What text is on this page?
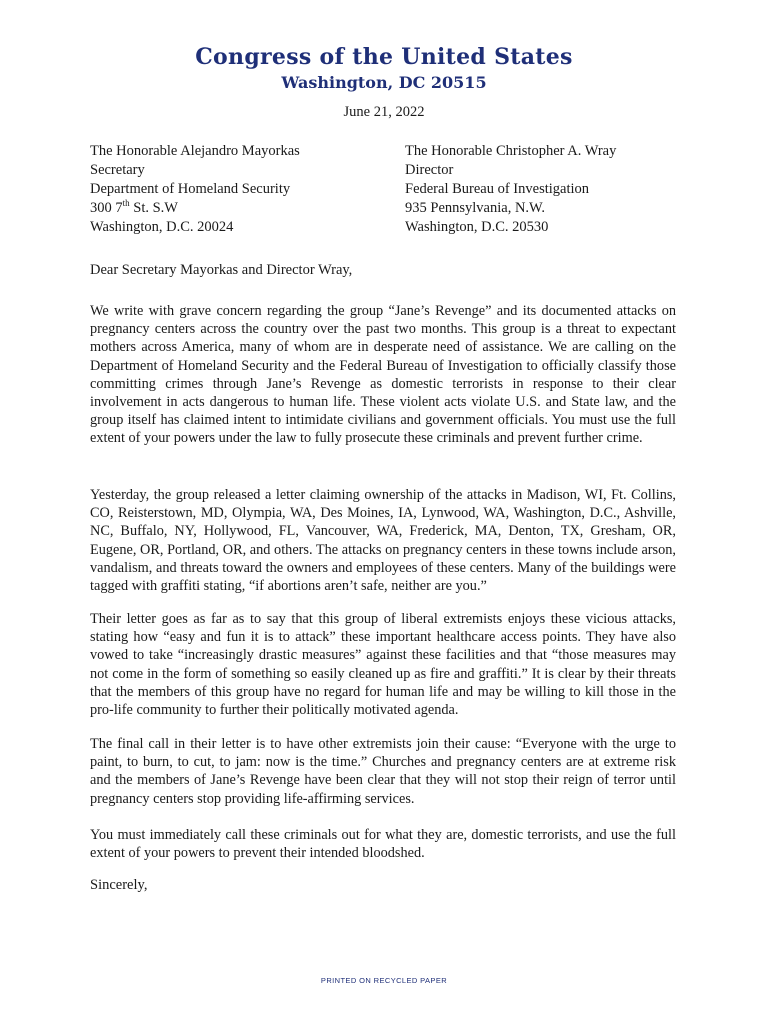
Congress of the United States
Washington, DC 20515
June 21, 2022
The Honorable Alejandro Mayorkas
Secretary
Department of Homeland Security
300 7th St. S.W
Washington, D.C. 20024
The Honorable Christopher A. Wray
Director
Federal Bureau of Investigation
935 Pennsylvania, N.W.
Washington, D.C. 20530
Dear Secretary Mayorkas and Director Wray,

We write with grave concern regarding the group “Jane’s Revenge” and its documented attacks on pregnancy centers across the country over the past two months. This group is a threat to expectant mothers across America, many of whom are in desperate need of assistance. We are calling on the Department of Homeland Security and the Federal Bureau of Investigation to officially classify those committing crimes through Jane’s Revenge as domestic terrorists in response to their clear involvement in acts dangerous to human life. These violent acts violate U.S. and State law, and the group itself has claimed intent to intimidate civilians and government officials. You must use the full extent of your powers under the law to fully prosecute these criminals and prevent further crime.

Yesterday, the group released a letter claiming ownership of the attacks in Madison, WI, Ft. Collins, CO, Reisterstown, MD, Olympia, WA, Des Moines, IA, Lynwood, WA, Washington, D.C., Ashville, NC, Buffalo, NY, Hollywood, FL, Vancouver, WA, Frederick, MA, Denton, TX, Gresham, OR, Eugene, OR, Portland, OR, and others. The attacks on pregnancy centers in these towns include arson, vandalism, and threats toward the owners and employees of these centers. Many of the buildings were tagged with graffiti stating, “if abortions aren’t safe, neither are you.”

Their letter goes as far as to say that this group of liberal extremists enjoys these vicious attacks, stating how “easy and fun it is to attack” these important healthcare access points. They have also vowed to take “increasingly drastic measures” against these facilities and that “those measures may not come in the form of something so easily cleaned up as fire and graffiti.” It is clear by their threats that the members of this group have no regard for human life and may be willing to kill those in the pro-life community to further their politically motivated agenda.

The final call in their letter is to have other extremists join their cause: “Everyone with the urge to paint, to burn, to cut, to jam: now is the time.” Churches and pregnancy centers are at extreme risk and the members of Jane’s Revenge have been clear that they will not stop their reign of terror until pregnancy centers stop providing life-affirming services.

You must immediately call these criminals out for what they are, domestic terrorists, and use the full extent of your powers to prevent their intended bloodshed.

Sincerely,
PRINTED ON RECYCLED PAPER
